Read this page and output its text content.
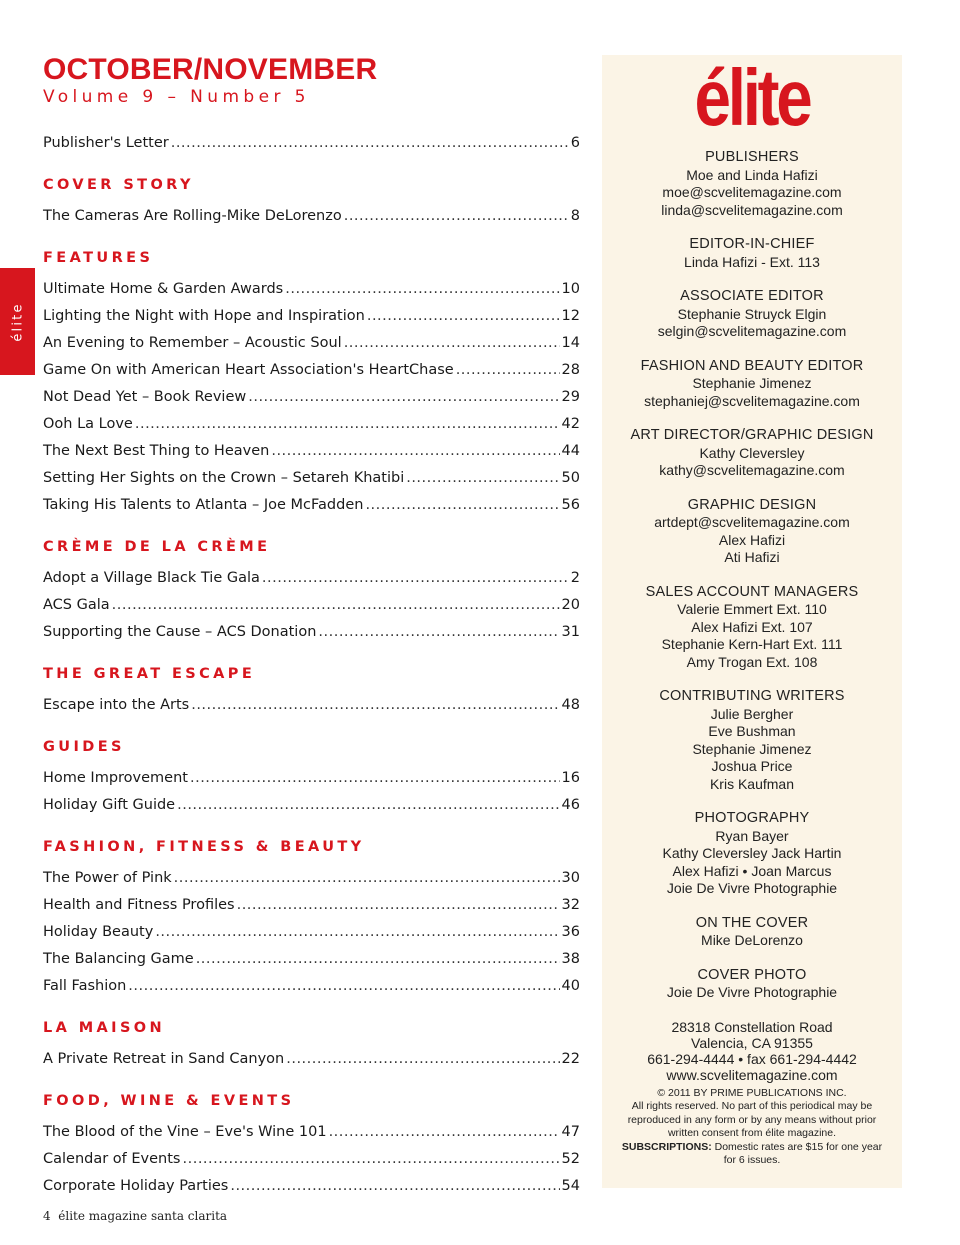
OCTOBER/NOVEMBER
Volume 9 – Number 5
élite
Publisher's Letter .....	6
COVER STORY
The Cameras Are Rolling-Mike DeLorenzo .....	8
FEATURES
Ultimate Home & Garden Awards .....	10
Lighting the Night with Hope and Inspiration .....	12
An Evening to Remember – Acoustic Soul .....	14
Game On with American Heart Association's HeartChase .....	28
Not Dead Yet – Book Review .....	29
Ooh La Love .....	42
The Next Best Thing to Heaven .....	44
Setting Her Sights on the Crown – Setareh Khatibi .....	50
Taking His Talents to Atlanta – Joe McFadden .....	56
CRÈME DE LA CRÈME
Adopt a Village Black Tie Gala .....	2
ACS Gala .....	20
Supporting the Cause – ACS Donation .....	31
THE GREAT ESCAPE
Escape into the Arts .....	48
GUIDES
Home Improvement .....	16
Holiday Gift Guide .....	46
FASHION, FITNESS & BEAUTY
The Power of Pink .....	30
Health and Fitness Profiles .....	32
Holiday Beauty .....	36
The Balancing Game .....	38
Fall Fashion .....	40
LA MAISON
A Private Retreat in Sand Canyon .....	22
FOOD, WINE & EVENTS
The Blood of the Vine – Eve's Wine 101 .....	47
Calendar of Events .....	52
Corporate Holiday Parties .....	54
élite
PUBLISHERS
Moe and Linda Hafizi
moe@scvelitemagazine.com
linda@scvelitemagazine.com
EDITOR-IN-CHIEF
Linda Hafizi - Ext. 113
ASSOCIATE EDITOR
Stephanie Struyck Elgin
selgin@scvelitemagazine.com
FASHION AND BEAUTY EDITOR
Stephanie Jimenez
stephaniej@scvelitemagazine.com
ART DIRECTOR/GRAPHIC DESIGN
Kathy Cleversley
kathy@scvelitemagazine.com
GRAPHIC DESIGN
artdept@scvelitemagazine.com
Alex Hafizi
Ati Hafizi
SALES ACCOUNT MANAGERS
Valerie Emmert Ext. 110
Alex Hafizi Ext. 107
Stephanie Kern-Hart Ext. 111
Amy Trogan Ext. 108
CONTRIBUTING WRITERS
Julie Bergher
Eve Bushman
Stephanie Jimenez
Joshua Price
Kris Kaufman
PHOTOGRAPHY
Ryan Bayer
Kathy Cleversley Jack Hartin
Alex Hafizi • Joan Marcus
Joie De Vivre Photographie
ON THE COVER
Mike DeLorenzo
COVER PHOTO
Joie De Vivre Photographie
28318 Constellation Road
Valencia, CA 91355
661-294-4444 • fax 661-294-4442
www.scvelitemagazine.com
© 2011 BY PRIME PUBLICATIONS INC.
All rights reserved. No part of this periodical may be reproduced in any form or by any means without prior written consent from élite magazine.
SUBSCRIPTIONS: Domestic rates are $15 for one year for 6 issues.
4 élite magazine santa clarita
